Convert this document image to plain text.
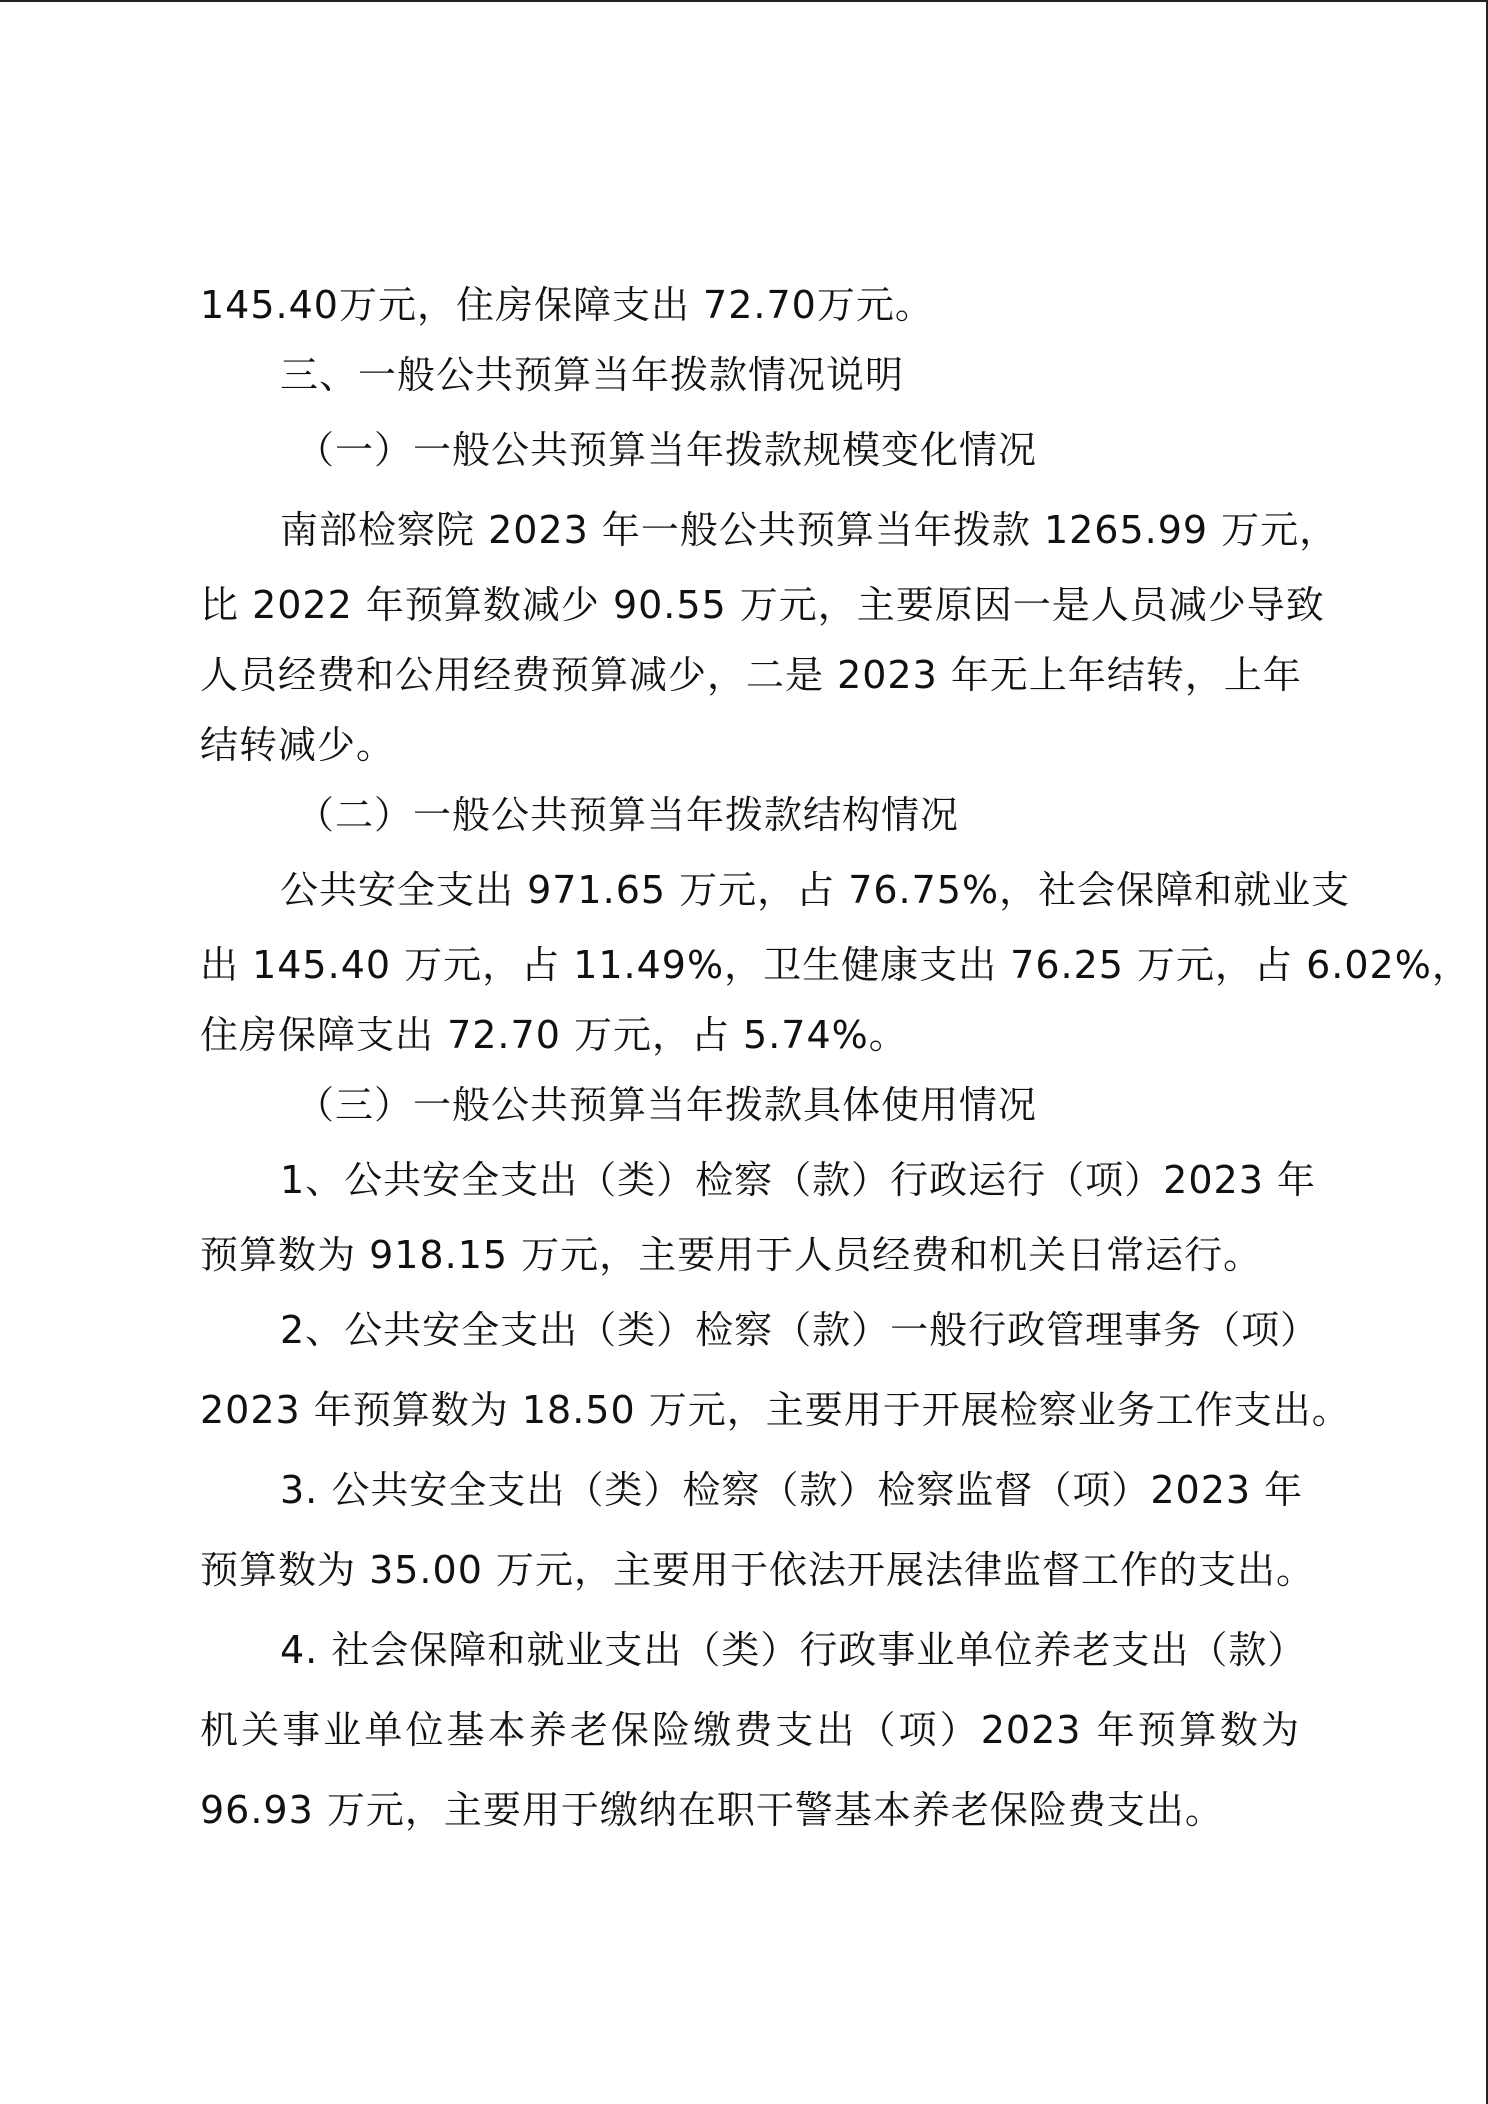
145.40万元，住房保障支出 72.70万元。
三、一般公共预算当年拨款情况说明
（一）一般公共预算当年拨款规模变化情况
南部检察院 2023 年一般公共预算当年拨款 1265.99 万元，
比 2022 年预算数减少 90.55 万元，主要原因一是人员减少导致
人员经费和公用经费预算减少，二是 2023 年无上年结转，上年
结转减少。
（二）一般公共预算当年拨款结构情况
公共安全支出 971.65 万元，占 76.75%，社会保障和就业支
出 145.40 万元，占 11.49%，卫生健康支出 76.25 万元，占 6.02%，
住房保障支出 72.70 万元，占 5.74%。
（三）一般公共预算当年拨款具体使用情况
1、公共安全支出（类）检察（款）行政运行（项）2023 年
预算数为 918.15 万元，主要用于人员经费和机关日常运行。
2、公共安全支出（类）检察（款）一般行政管理事务（项）
2023 年预算数为 18.50 万元，主要用于开展检察业务工作支出。
3. 公共安全支出（类）检察（款）检察监督（项）2023 年
预算数为 35.00 万元，主要用于依法开展法律监督工作的支出。
4. 社会保障和就业支出（类）行政事业单位养老支出（款）
机关事业单位基本养老保险缴费支出（项）2023 年预算数为
96.93 万元，主要用于缴纳在职干警基本养老保险费支出。
